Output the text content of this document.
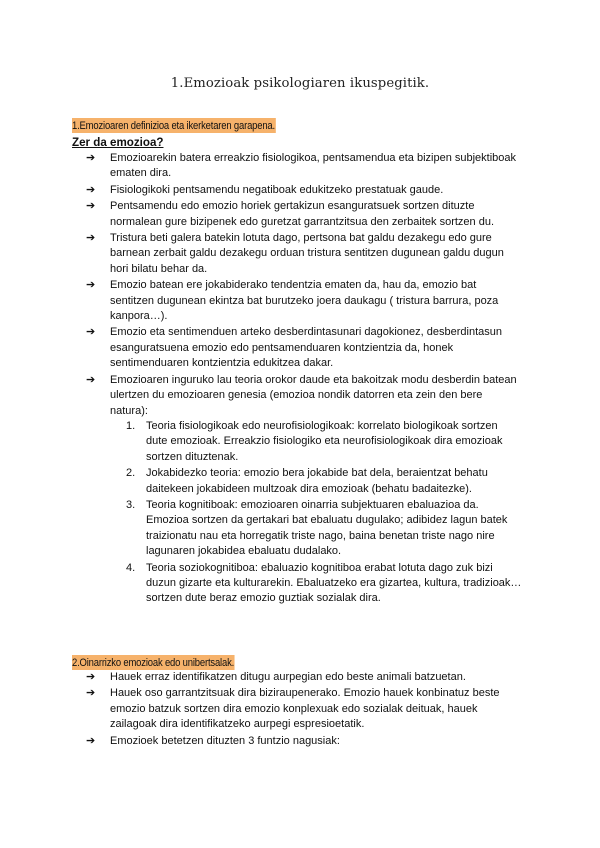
1.Emozioak psikologiaren ikuspegitik.
1.Emozioaren definizioa eta ikerketaren garapena.
Zer da emozioa?
➔ Emozioarekin batera erreakzio fisiologikoa, pentsamendua eta bizipen subjektiboak ematen dira.
➔ Fisiologikoki pentsamendu negatiboak edukitzeko prestatuak gaude.
➔ Pentsamendu edo emozio horiek gertakizun esanguratsuek sortzen dituzte normalean gure bizipenek edo guretzat garrantzitsua den zerbaitek sortzen du.
➔ Tristura beti galera batekin lotuta dago, pertsona bat galdu dezakegu edo gure barnean zerbait galdu dezakegu orduan tristura sentitzen dugunean galdu dugun hori bilatu behar da.
➔ Emozio batean ere jokabiderako tendentzia ematen da, hau da, emozio bat sentitzen dugunean ekintza bat burutzeko joera daukagu ( tristura barrura, poza kanpora…).
➔ Emozio eta sentimenduen arteko desberdintasunari dagokionez, desberdintasun esanguratsuena emozio edo pentsamenduaren kontzientzia da, honek sentimenduaren kontzientzia edukitzea dakar.
➔ Emozioaren inguruko lau teoria orokor daude eta bakoitzak modu desberdin batean ulertzen du emozioaren genesia (emozioa nondik datorren eta zein den bere natura):
1. Teoria fisiologikoak edo neurofisiologikoak: korrelato biologikoak sortzen dute emozioak. Erreakzio fisiologiko eta neurofisiologikoak dira emozioak sortzen dituztenak.
2. Jokabidezko teoria: emozio bera jokabide bat dela, beraientzat behatu daitekeen jokabideen multzoak dira emozioak (behatu badaitezke).
3. Teoria kognitiboak: emozioaren oinarria subjektuaren ebaluazioa da. Emozioa sortzen da gertakari bat ebaluatu dugulako; adibidez lagun batek traizionatu nau eta horregatik triste nago, baina benetan triste nago nire lagunaren jokabidea ebaluatu dudalako.
4. Teoria soziokognitiboa: ebaluazio kognitiboa erabat lotuta dago zuk bizi duzun gizarte eta kulturarekin. Ebaluatzeko era gizartea, kultura, tradizioak… sortzen dute beraz emozio guztiak sozialak dira.
2.Oinarrizko emozioak edo unibertsalak.
➔ Hauek erraz identifikatzen ditugu aurpegian edo beste animali batzuetan.
➔ Hauek oso garrantzitsuak dira biziraupenerako. Emozio hauek konbinatuz beste emozio batzuk sortzen dira emozio konplexuak edo sozialak deituak, hauek zailagoak dira identifikatzeko aurpegi espresioetatik.
➔ Emozioek betetzen dituzten 3 funtzio nagusiak:
